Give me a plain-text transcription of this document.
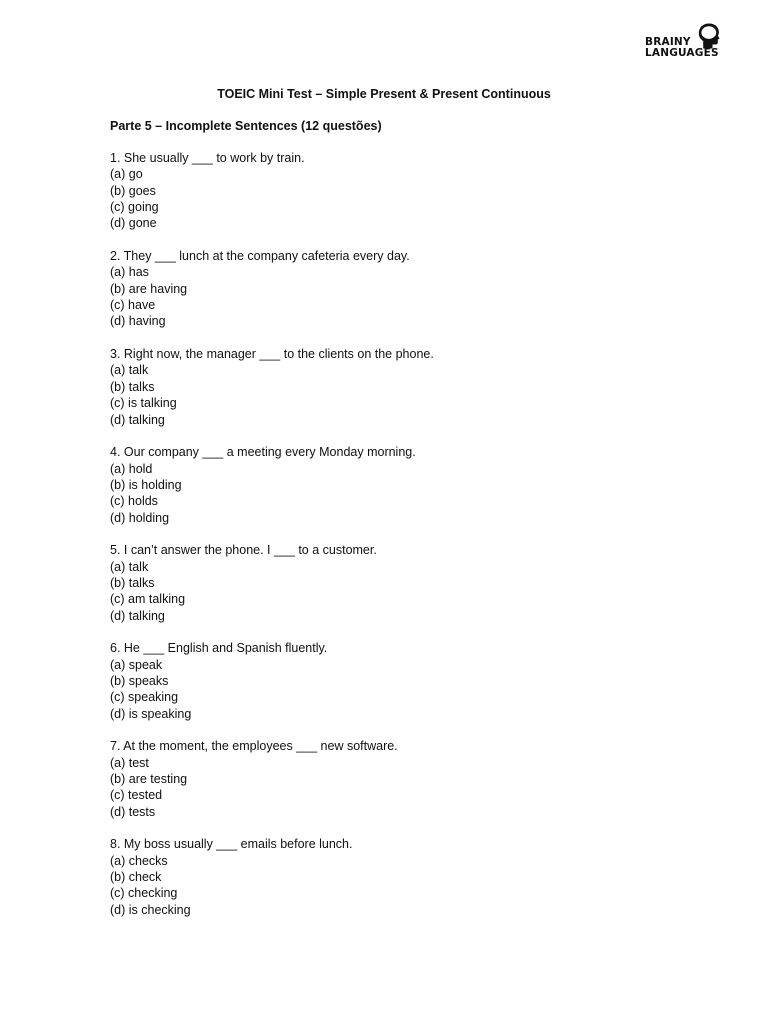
BRAINY
LANGUAGES
TOEIC Mini Test – Simple Present & Present Continuous
Parte 5 – Incomplete Sentences (12 questões)
1. She usually ___ to work by train.
(a) go
(b) goes
(c) going
(d) gone
2. They ___ lunch at the company cafeteria every day.
(a) has
(b) are having
(c) have
(d) having
3. Right now, the manager ___ to the clients on the phone.
(a) talk
(b) talks
(c) is talking
(d) talking
4. Our company ___ a meeting every Monday morning.
(a) hold
(b) is holding
(c) holds
(d) holding
5. I can’t answer the phone. I ___ to a customer.
(a) talk
(b) talks
(c) am talking
(d) talking
6. He ___ English and Spanish fluently.
(a) speak
(b) speaks
(c) speaking
(d) is speaking
7. At the moment, the employees ___ new software.
(a) test
(b) are testing
(c) tested
(d) tests
8. My boss usually ___ emails before lunch.
(a) checks
(b) check
(c) checking
(d) is checking
